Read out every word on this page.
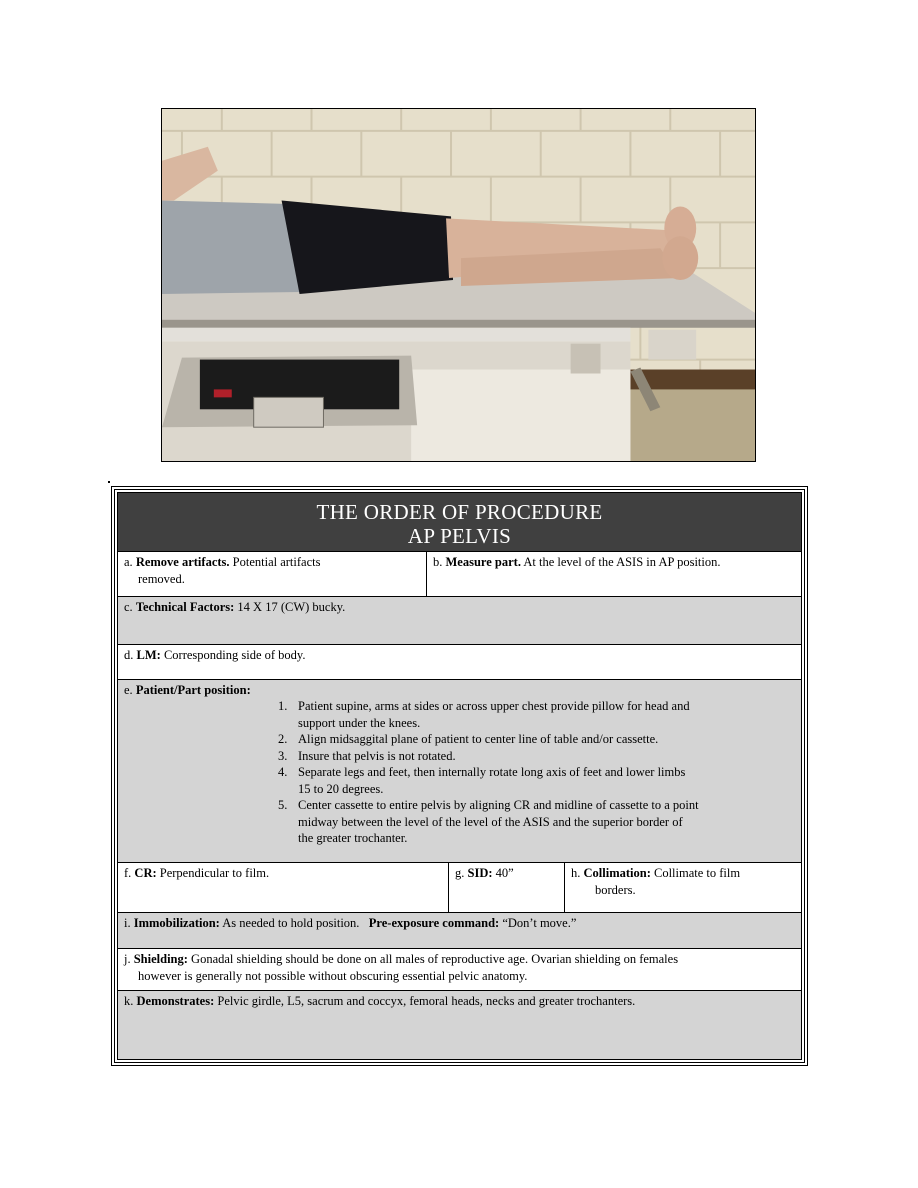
THE ORDER OF PROCEDURE
AP PELVIS
a. Remove artifacts. Potential artifacts
removed.
b. Measure part. At the level of the ASIS in AP position.
c. Technical Factors: 14 X 17 (CW) bucky.
d. LM: Corresponding side of body.
e. Patient/Part position:
1. Patient supine, arms at sides or across upper chest provide pillow for head and
support under the knees.
2. Align midsaggital plane of patient to center line of table and/or cassette.
3. Insure that pelvis is not rotated.
4. Separate legs and feet, then internally rotate long axis of feet and lower limbs
15 to 20 degrees.
5. Center cassette to entire pelvis by aligning CR and midline of cassette to a point
midway between the level of the level of the ASIS and the superior border of
the greater trochanter.
f. CR: Perpendicular to film.	g. SID: 40”	h. Collimation: Collimate to film
borders.
i. Immobilization: As needed to hold position. Pre-exposure command: “Don’t move.”
j. Shielding: Gonadal shielding should be done on all males of reproductive age. Ovarian shielding on females
however is generally not possible without obscuring essential pelvic anatomy.
k. Demonstrates: Pelvic girdle, L5, sacrum and coccyx, femoral heads, necks and greater trochanters.
